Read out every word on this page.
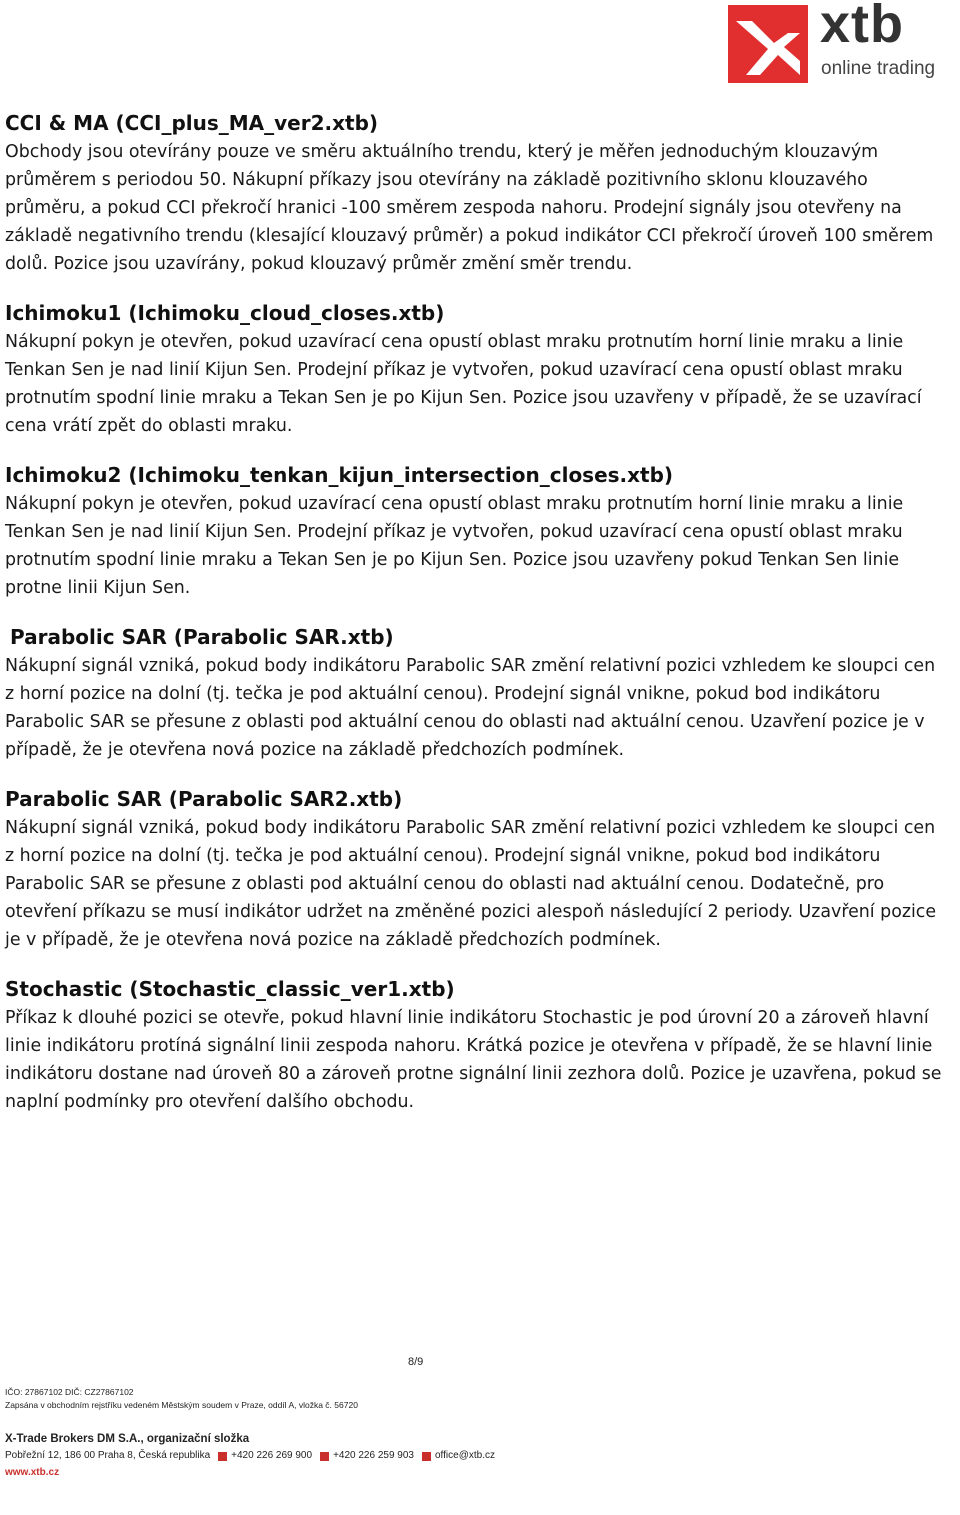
xtb
online trading
CCI & MA (CCI_plus_MA_ver2.xtb)

Obchody jsou otevírány pouze ve směru aktuálního trendu, který je měřen jednoduchým klouzavým průměrem s periodou 50. Nákupní příkazy jsou otevírány na základě pozitivního sklonu klouzavého průměru, a pokud CCI překročí hranici -100 směrem zespoda nahoru. Prodejní signály jsou otevřeny na základě negativního trendu (klesající klouzavý průměr) a pokud indikátor CCI překročí úroveň 100 směrem dolů. Pozice jsou uzavírány, pokud klouzavý průměr změní směr trendu.

Ichimoku1 (Ichimoku_cloud_closes.xtb)

Nákupní pokyn je otevřen, pokud uzavírací cena opustí oblast mraku protnutím horní linie mraku a linie Tenkan Sen je nad linií Kijun Sen. Prodejní příkaz je vytvořen, pokud uzavírací cena opustí oblast mraku protnutím spodní linie mraku a Tekan Sen je po Kijun Sen. Pozice jsou uzavřeny v případě, že se uzavírací cena vrátí zpět do oblasti mraku.

Ichimoku2 (Ichimoku_tenkan_kijun_intersection_closes.xtb)

Nákupní pokyn je otevřen, pokud uzavírací cena opustí oblast mraku protnutím horní linie mraku a linie Tenkan Sen je nad linií Kijun Sen. Prodejní příkaz je vytvořen, pokud uzavírací cena opustí oblast mraku protnutím spodní linie mraku a Tekan Sen je po Kijun Sen. Pozice jsou uzavřeny pokud Tenkan Sen linie protne linii Kijun Sen.

Parabolic SAR (Parabolic SAR.xtb)

Nákupní signál vzniká, pokud body indikátoru Parabolic SAR změní relativní pozici vzhledem ke sloupci cen z horní pozice na dolní (tj. tečka je pod aktuální cenou). Prodejní signál vnikne, pokud bod indikátoru Parabolic SAR se přesune z oblasti pod aktuální cenou do oblasti nad aktuální cenou. Uzavření pozice je v případě, že je otevřena nová pozice na základě předchozích podmínek.

Parabolic SAR (Parabolic SAR2.xtb)

Nákupní signál vzniká, pokud body indikátoru Parabolic SAR změní relativní pozici vzhledem ke sloupci cen z horní pozice na dolní (tj. tečka je pod aktuální cenou). Prodejní signál vnikne, pokud bod indikátoru Parabolic SAR se přesune z oblasti pod aktuální cenou do oblasti nad aktuální cenou. Dodatečně, pro otevření příkazu se musí indikátor udržet na změněné pozici alespoň následující 2 periody. Uzavření pozice je v případě, že je otevřena nová pozice na základě předchozích podmínek.

Stochastic (Stochastic_classic_ver1.xtb)

Příkaz k dlouhé pozici se otevře, pokud hlavní linie indikátoru Stochastic je pod úrovní 20 a zároveň hlavní linie indikátoru protíná signální linii zespoda nahoru. Krátká pozice je otevřena v případě, že se hlavní linie indikátoru dostane nad úroveň 80 a zároveň protne signální linii zezhora dolů. Pozice je uzavřena, pokud se naplní podmínky pro otevření dalšího obchodu.

8/9
IČO: 27867102 DIČ: CZ27867102
Zapsána v obchodním rejstříku vedeném Městským soudem v Praze, oddíl A, vložka č. 56720
X-Trade Brokers DM S.A., organizační složka
Pobřežní 12, 186 00 Praha 8, Česká republika +420 226 269 900 +420 226 259 903 office@xtb.cz
www.xtb.cz
